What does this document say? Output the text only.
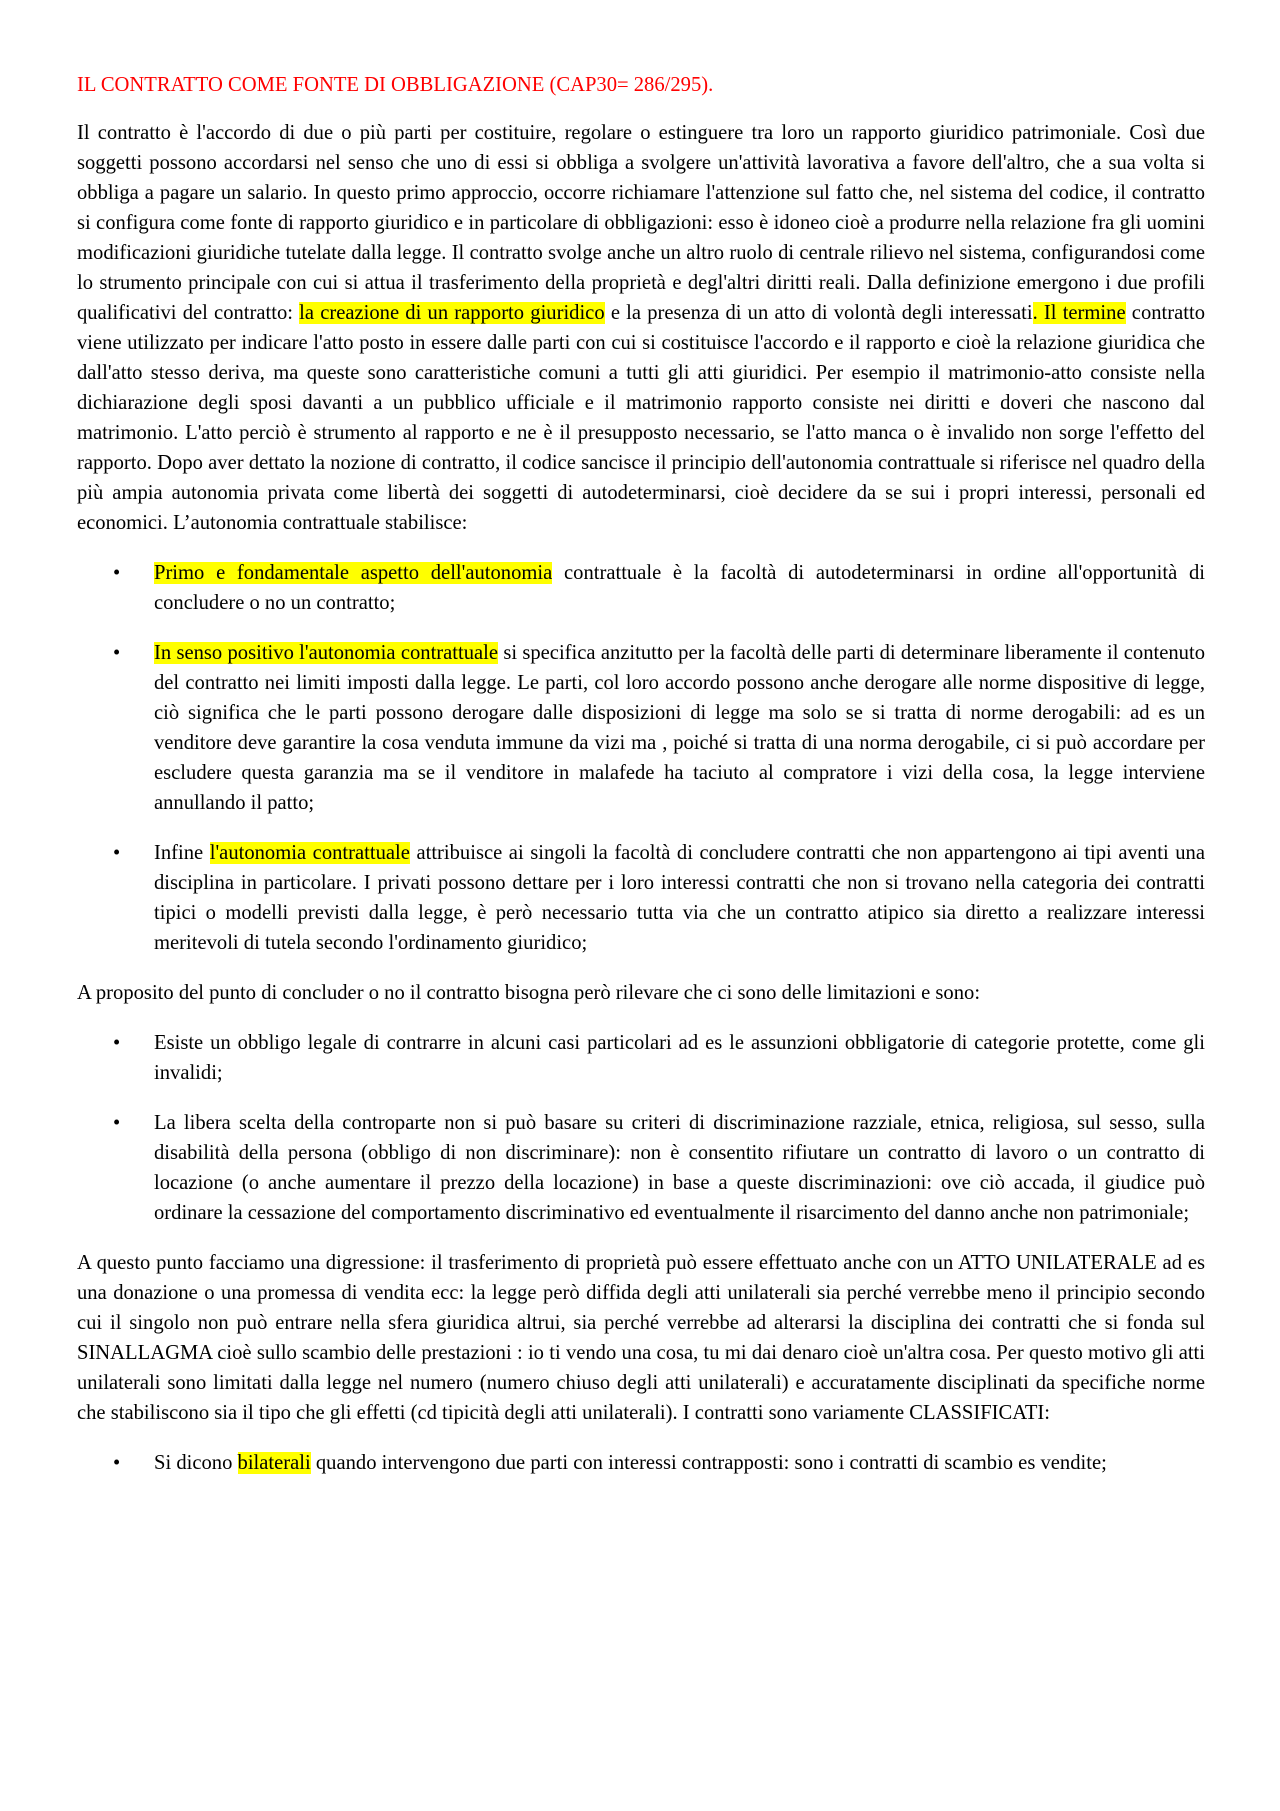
IL CONTRATTO COME FONTE DI OBBLIGAZIONE (CAP30= 286/295).

Il contratto è l'accordo di due o più parti per costituire, regolare o estinguere tra loro un rapporto giuridico patrimoniale. Così due soggetti possono accordarsi nel senso che uno di essi si obbliga a svolgere un'attività lavorativa a favore dell'altro, che a sua volta si obbliga a pagare un salario. In questo primo approccio, occorre richiamare l'attenzione sul fatto che, nel sistema del codice, il contratto si configura come fonte di rapporto giuridico e in particolare di obbligazioni: esso è idoneo cioè a produrre nella relazione fra gli uomini modificazioni giuridiche tutelate dalla legge. Il contratto svolge anche un altro ruolo di centrale rilievo nel sistema, configurandosi come lo strumento principale con cui si attua il trasferimento della proprietà e degl'altri diritti reali. Dalla definizione emergono i due profili qualificativi del contratto: la creazione di un rapporto giuridico e la presenza di un atto di volontà degli interessati. Il termine contratto viene utilizzato per indicare l'atto posto in essere dalle parti con cui si costituisce l'accordo e il rapporto e cioè la relazione giuridica che dall'atto stesso deriva, ma queste sono caratteristiche comuni a tutti gli atti giuridici. Per esempio il matrimonio-atto consiste nella dichiarazione degli sposi davanti a un pubblico ufficiale e il matrimonio rapporto consiste nei diritti e doveri che nascono dal matrimonio. L'atto perciò è strumento al rapporto e ne è il presupposto necessario, se l'atto manca o è invalido non sorge l'effetto del rapporto. Dopo aver dettato la nozione di contratto, il codice sancisce il principio dell'autonomia contrattuale si riferisce nel quadro della più ampia autonomia privata come libertà dei soggetti di autodeterminarsi, cioè decidere da se sui i propri interessi, personali ed economici. L’autonomia contrattuale stabilisce:

• Primo e fondamentale aspetto dell'autonomia contrattuale è la facoltà di autodeterminarsi in ordine all'opportunità di concludere o no un contratto;
• In senso positivo l'autonomia contrattuale si specifica anzitutto per la facoltà delle parti di determinare liberamente il contenuto del contratto nei limiti imposti dalla legge. Le parti, col loro accordo possono anche derogare alle norme dispositive di legge, ciò significa che le parti possono derogare dalle disposizioni di legge ma solo se si tratta di norme derogabili: ad es un venditore deve garantire la cosa venduta immune da vizi ma , poiché si tratta di una norma derogabile, ci si può accordare per escludere questa garanzia ma se il venditore in malafede ha taciuto al compratore i vizi della cosa, la legge interviene annullando il patto;
• Infine l'autonomia contrattuale attribuisce ai singoli la facoltà di concludere contratti che non appartengono ai tipi aventi una disciplina in particolare. I privati possono dettare per i loro interessi contratti che non si trovano nella categoria dei contratti tipici o modelli previsti dalla legge, è però necessario tutta via che un contratto atipico sia diretto a realizzare interessi meritevoli di tutela secondo l'ordinamento giuridico;

A proposito del punto di concluder o no il contratto bisogna però rilevare che ci sono delle limitazioni e sono:

• Esiste un obbligo legale di contrarre in alcuni casi particolari ad es le assunzioni obbligatorie di categorie protette, come gli invalidi;
• La libera scelta della controparte non si può basare su criteri di discriminazione razziale, etnica, religiosa, sul sesso, sulla disabilità della persona (obbligo di non discriminare): non è consentito rifiutare un contratto di lavoro o un contratto di locazione (o anche aumentare il prezzo della locazione) in base a queste discriminazioni: ove ciò accada, il giudice può ordinare la cessazione del comportamento discriminativo ed eventualmente il risarcimento del danno anche non patrimoniale;

A questo punto facciamo una digressione: il trasferimento di proprietà può essere effettuato anche con un ATTO UNILATERALE ad es una donazione o una promessa di vendita ecc: la legge però diffida degli atti unilaterali sia perché verrebbe meno il principio secondo cui il singolo non può entrare nella sfera giuridica altrui, sia perché verrebbe ad alterarsi la disciplina dei contratti che si fonda sul SINALLAGMA cioè sullo scambio delle prestazioni : io ti vendo una cosa, tu mi dai denaro cioè un'altra cosa. Per questo motivo gli atti unilaterali sono limitati dalla legge nel numero (numero chiuso degli atti unilaterali) e accuratamente disciplinati da specifiche norme che stabiliscono sia il tipo che gli effetti (cd tipicità degli atti unilaterali). I contratti sono variamente CLASSIFICATI:

• Si dicono bilaterali quando intervengono due parti con interessi contrapposti: sono i contratti di scambio es vendite;
